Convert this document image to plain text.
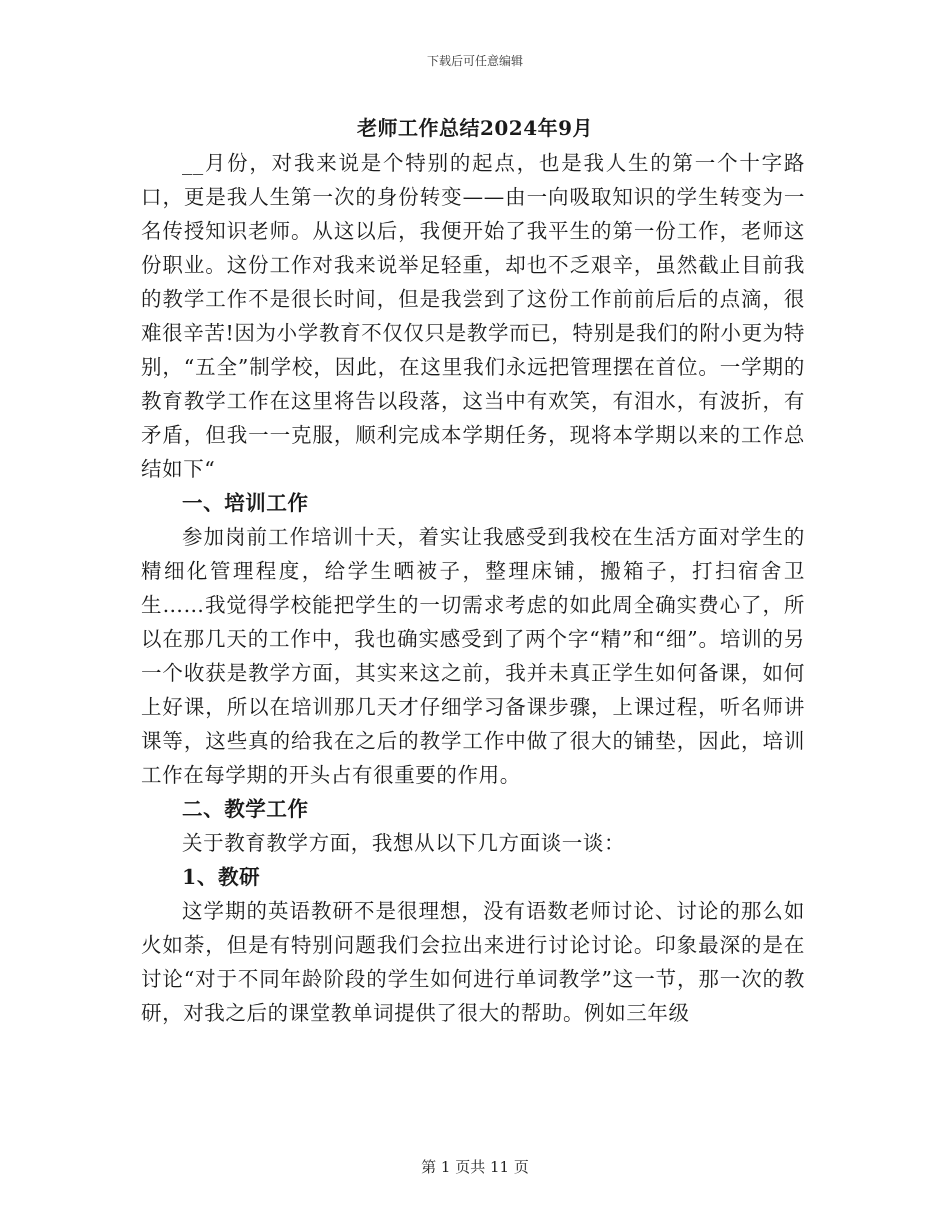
下载后可任意编辑
老师工作总结2024年9月

__月份，对我来说是个特别的起点，也是我人生的第一个十字路口，更是我人生第一次的身份转变——由一向吸取知识的学生转变为一名传授知识老师。从这以后，我便开始了我平生的第一份工作，老师这份职业。这份工作对我来说举足轻重，却也不乏艰辛，虽然截止目前我的教学工作不是很长时间，但是我尝到了这份工作前前后后的点滴，很难很辛苦!因为小学教育不仅仅只是教学而已，特别是我们的附小更为特别，“五全”制学校，因此，在这里我们永远把管理摆在首位。一学期的教育教学工作在这里将告以段落，这当中有欢笑，有泪水，有波折，有矛盾，但我一一克服，顺利完成本学期任务，现将本学期以来的工作总结如下“

一、培训工作

参加岗前工作培训十天，着实让我感受到我校在生活方面对学生的精细化管理程度，给学生晒被子，整理床铺，搬箱子，打扫宿舍卫生……我觉得学校能把学生的一切需求考虑的如此周全确实费心了，所以在那几天的工作中，我也确实感受到了两个字“精”和“细”。培训的另一个收获是教学方面，其实来这之前，我并未真正学生如何备课，如何上好课，所以在培训那几天才仔细学习备课步骤，上课过程，听名师讲课等，这些真的给我在之后的教学工作中做了很大的铺垫，因此，培训工作在每学期的开头占有很重要的作用。

二、教学工作

关于教育教学方面，我想从以下几方面谈一谈：

1、教研

这学期的英语教研不是很理想，没有语数老师讨论、讨论的那么如火如荼，但是有特别问题我们会拉出来进行讨论讨论。印象最深的是在讨论“对于不同年龄阶段的学生如何进行单词教学”这一节，那一次的教研，对我之后的课堂教单词提供了很大的帮助。例如三年级

第 1 页共 11 页
